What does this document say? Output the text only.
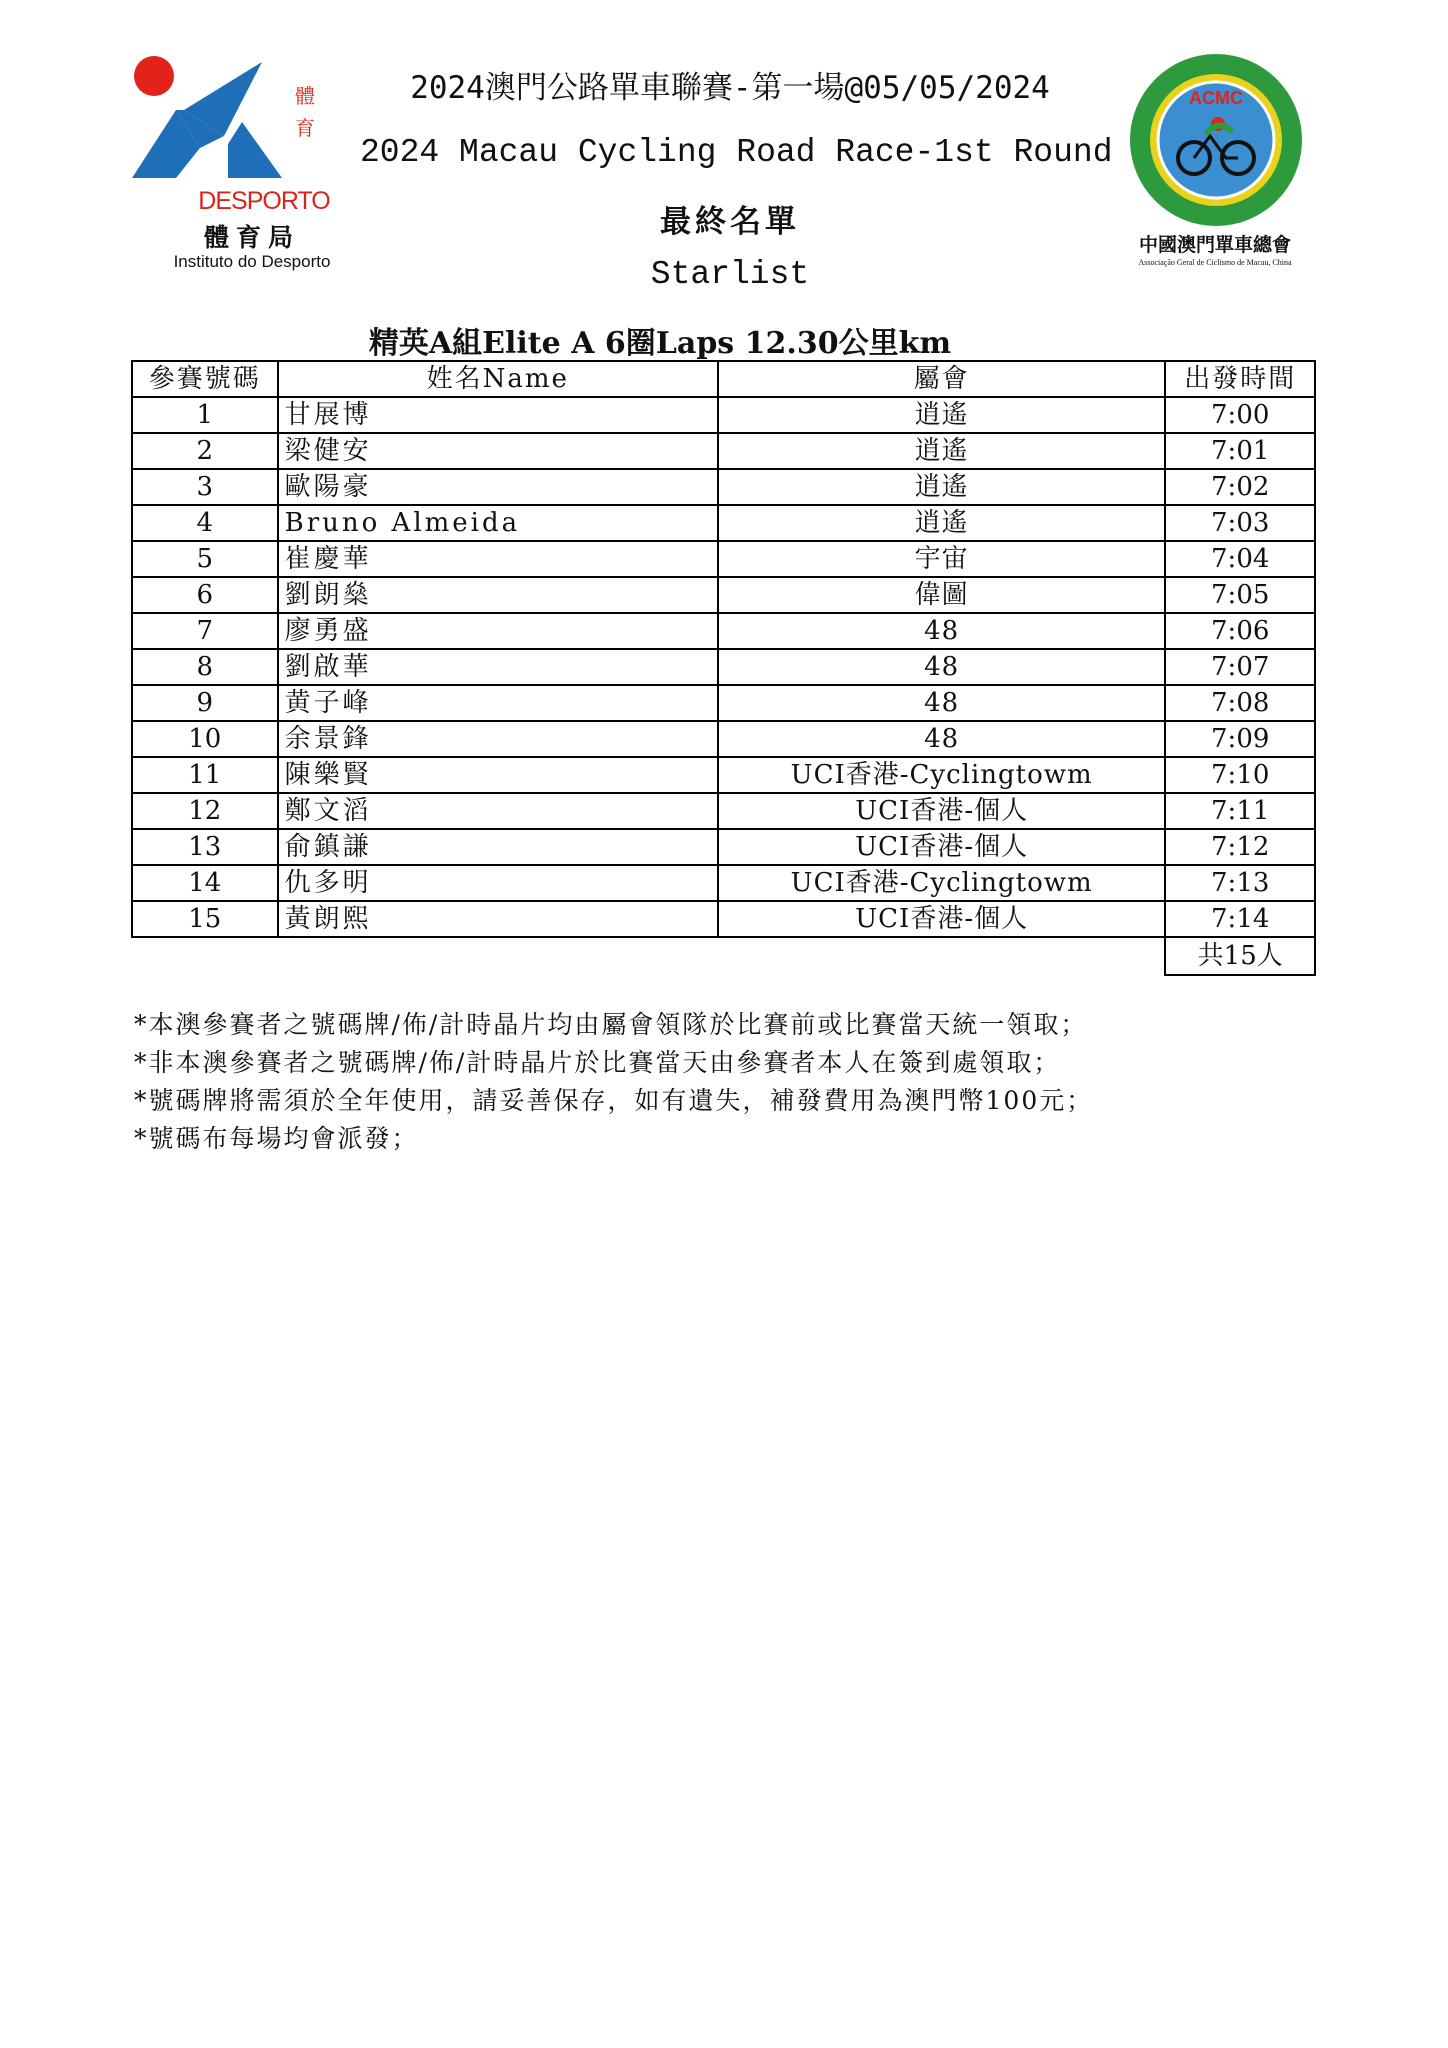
體
育
DESPORTO
體育局
Instituto do Desporto
2024澳門公路單車聯賽-第一場@05/05/2024
2024 Macau Cycling Road Race-1st Round
最終名單
Starlist
ACMC
中國澳門單車總會
Associação Geral de Ciclismo de Macau, China
精英A組Elite A 6圈Laps 12.30公里km
參賽號碼	姓名Name	屬會	出發時間
1	甘展博	逍遙	7:00
2	梁健安	逍遙	7:01
3	歐陽豪	逍遙	7:02
4	Bruno Almeida	逍遙	7:03
5	崔慶華	宇宙	7:04
6	劉朗燊	偉圖	7:05
7	廖勇盛	48	7:06
8	劉啟華	48	7:07
9	黄子峰	48	7:08
10	余景鋒	48	7:09
11	陳樂賢	UCI香港-Cyclingtowm	7:10
12	鄭文滔	UCI香港-個人	7:11
13	俞鎮謙	UCI香港-個人	7:12
14	仇多明	UCI香港-Cyclingtowm	7:13
15	黃朗熙	UCI香港-個人	7:14
			共15人
*本澳參賽者之號碼牌/佈/計時晶片均由屬會領隊於比賽前或比賽當天統一領取；
*非本澳參賽者之號碼牌/佈/計時晶片於比賽當天由參賽者本人在簽到處領取；
*號碼牌將需須於全年使用，請妥善保存，如有遺失，補發費用為澳門幣100元；
*號碼布每場均會派發；
